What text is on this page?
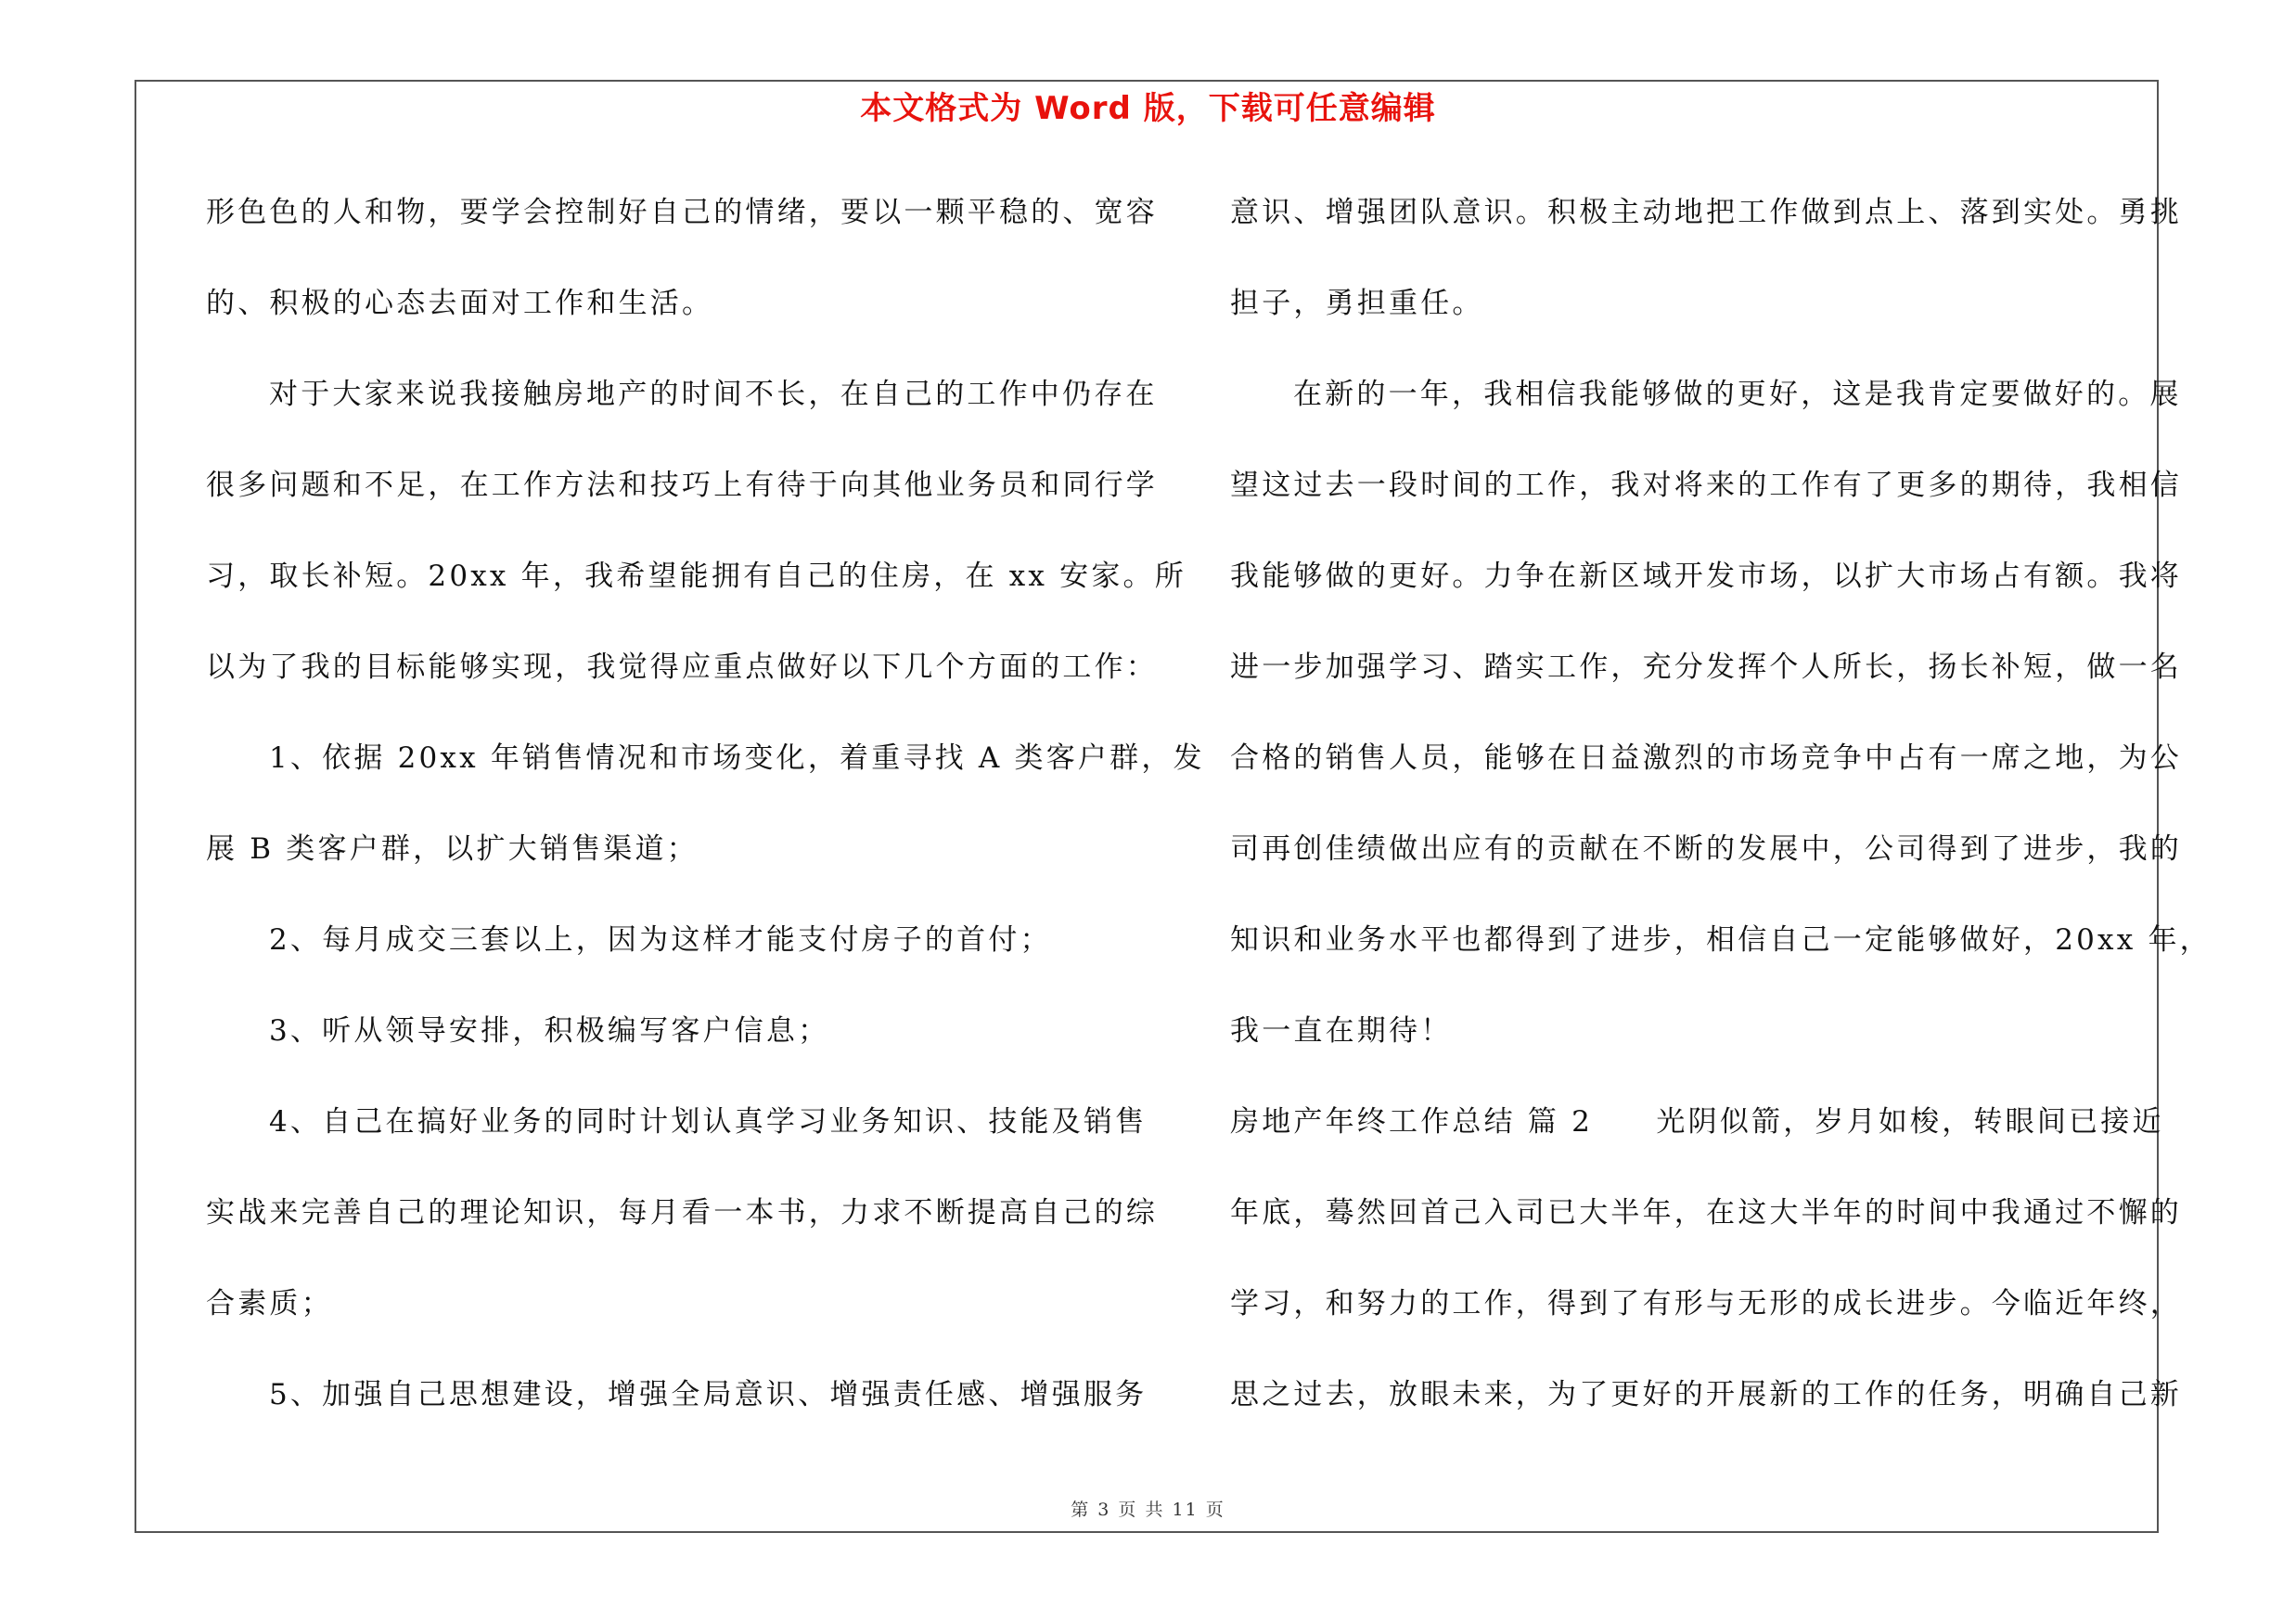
本文格式为 Word 版，下载可任意编辑
形色色的人和物，要学会控制好自己的情绪，要以一颗平稳的、宽容
的、积极的心态去面对工作和生活。
对于大家来说我接触房地产的时间不长，在自己的工作中仍存在
很多问题和不足，在工作方法和技巧上有待于向其他业务员和同行学
习，取长补短。20xx 年，我希望能拥有自己的住房，在 xx 安家。所
以为了我的目标能够实现，我觉得应重点做好以下几个方面的工作：
1、依据 20xx 年销售情况和市场变化，着重寻找 A 类客户群，发
展 B 类客户群，以扩大销售渠道；
2、每月成交三套以上，因为这样才能支付房子的首付；
3、听从领导安排，积极编写客户信息；
4、自己在搞好业务的同时计划认真学习业务知识、技能及销售
实战来完善自己的理论知识，每月看一本书，力求不断提高自己的综
合素质；
5、加强自己思想建设，增强全局意识、增强责任感、增强服务
意识、增强团队意识。积极主动地把工作做到点上、落到实处。勇挑
担子，勇担重任。
在新的一年，我相信我能够做的更好，这是我肯定要做好的。展
望这过去一段时间的工作，我对将来的工作有了更多的期待，我相信
我能够做的更好。力争在新区域开发市场，以扩大市场占有额。我将
进一步加强学习、踏实工作，充分发挥个人所长，扬长补短，做一名
合格的销售人员，能够在日益激烈的市场竞争中占有一席之地，为公
司再创佳绩做出应有的贡献在不断的发展中，公司得到了进步，我的
知识和业务水平也都得到了进步，相信自己一定能够做好，20xx 年，
我一直在期待！
房地产年终工作总结 篇 2　　光阴似箭，岁月如梭，转眼间已接近
年底，蓦然回首己入司已大半年，在这大半年的时间中我通过不懈的
学习，和努力的工作，得到了有形与无形的成长进步。今临近年终，
思之过去，放眼未来，为了更好的开展新的工作的任务，明确自己新
第 3 页 共 11 页
